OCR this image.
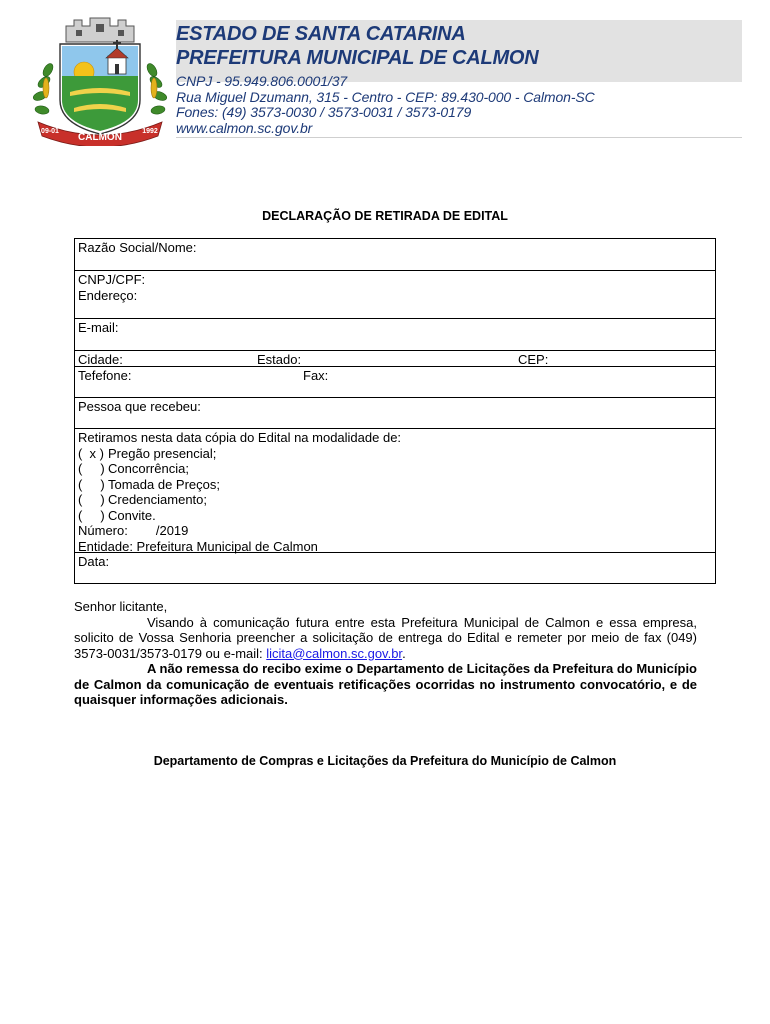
CALMON
09-01	1992
ESTADO DE SANTA CATARINA
PREFEITURA MUNICIPAL DE CALMON
CNPJ - 95.949.806.0001/37
Rua Miguel Dzumann, 315 - Centro - CEP: 89.430-000 - Calmon-SC
Fones: (49) 3573-0030 / 3573-0031 / 3573-0179
www.calmon.sc.gov.br
DECLARAÇÃO DE RETIRADA DE EDITAL
Razão Social/Nome:
CNPJ/CPF:
Endereço:
E-mail:
Cidade:	Estado:	CEP:
Tefefone:	Fax:
Pessoa que recebeu:
Retiramos nesta data cópia do Edital na modalidade de:
(  x ) Pregão presencial;
(     ) Concorrência;
(     ) Tomada de Preços;
(     ) Credenciamento;
(     ) Convite.
Número: /2019
Entidade: Prefeitura Municipal de Calmon
Data:

Senhor licitante,

Visando à comunicação futura entre esta Prefeitura Municipal de Calmon e essa empresa, solicito de Vossa Senhoria preencher a solicitação de entrega do Edital e remeter por meio de fax (049) 3573-0031/3573-0179 ou e-mail: licita@calmon.sc.gov.br.

A não remessa do recibo exime o Departamento de Licitações da Prefeitura do Município de Calmon da comunicação de eventuais retificações ocorridas no instrumento convocatório, e de quaisquer informações adicionais.

Departamento de Compras e Licitações da Prefeitura do Município de Calmon
